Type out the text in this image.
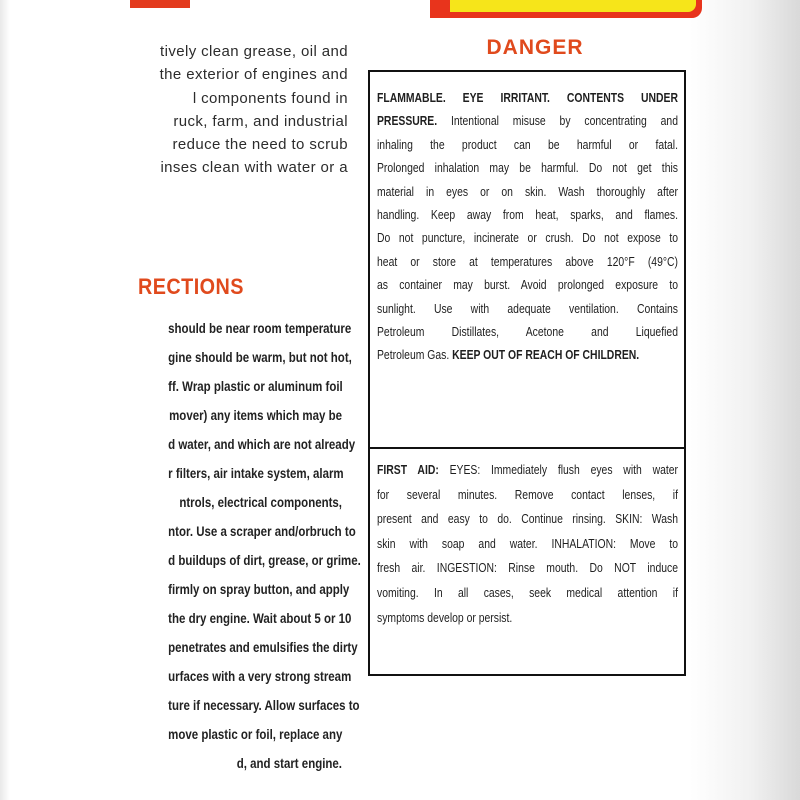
tively clean grease, oil and
the exterior of engines and
l components found in
ruck, farm, and industrial
reduce the need to scrub
inses clean with water or a

RECTIONS
should be near room temperature
gine should be warm, but not hot,
ff. Wrap plastic or aluminum foil
mover) any items which may be
d water, and which are not already
r filters, air intake system, alarm
ntrols, electrical components,
ntor. Use a scraper and/orbruch to
d buildups of dirt, grease, or grime.
firmly on spray button, and apply
the dry engine. Wait about 5 or 10
penetrates and emulsifies the dirty
urfaces with a very strong stream
ture if necessary. Allow surfaces to
move plastic or foil, replace any
d, and start engine.
DANGER
FLAMMABLE. EYE IRRITANT. CONTENTS UNDER
PRESSURE. Intentional misuse by concentrating and
inhaling the product can be harmful or fatal.
Prolonged inhalation may be harmful. Do not get this
material in eyes or on skin. Wash thoroughly after
handling. Keep away from heat, sparks, and flames.
Do not puncture, incinerate or crush. Do not expose to
heat or store at temperatures above 120°F (49°C)
as container may burst. Avoid prolonged exposure to
sunlight. Use with adequate ventilation. Contains
Petroleum Distillates, Acetone and Liquefied
Petroleum Gas. KEEP OUT OF REACH OF CHILDREN.
FIRST AID: EYES: Immediately flush eyes with water
for several minutes. Remove contact lenses, if
present and easy to do. Continue rinsing. SKIN: Wash
skin with soap and water. INHALATION: Move to
fresh air. INGESTION: Rinse mouth. Do NOT induce
vomiting. In all cases, seek medical attention if
symptoms develop or persist.
